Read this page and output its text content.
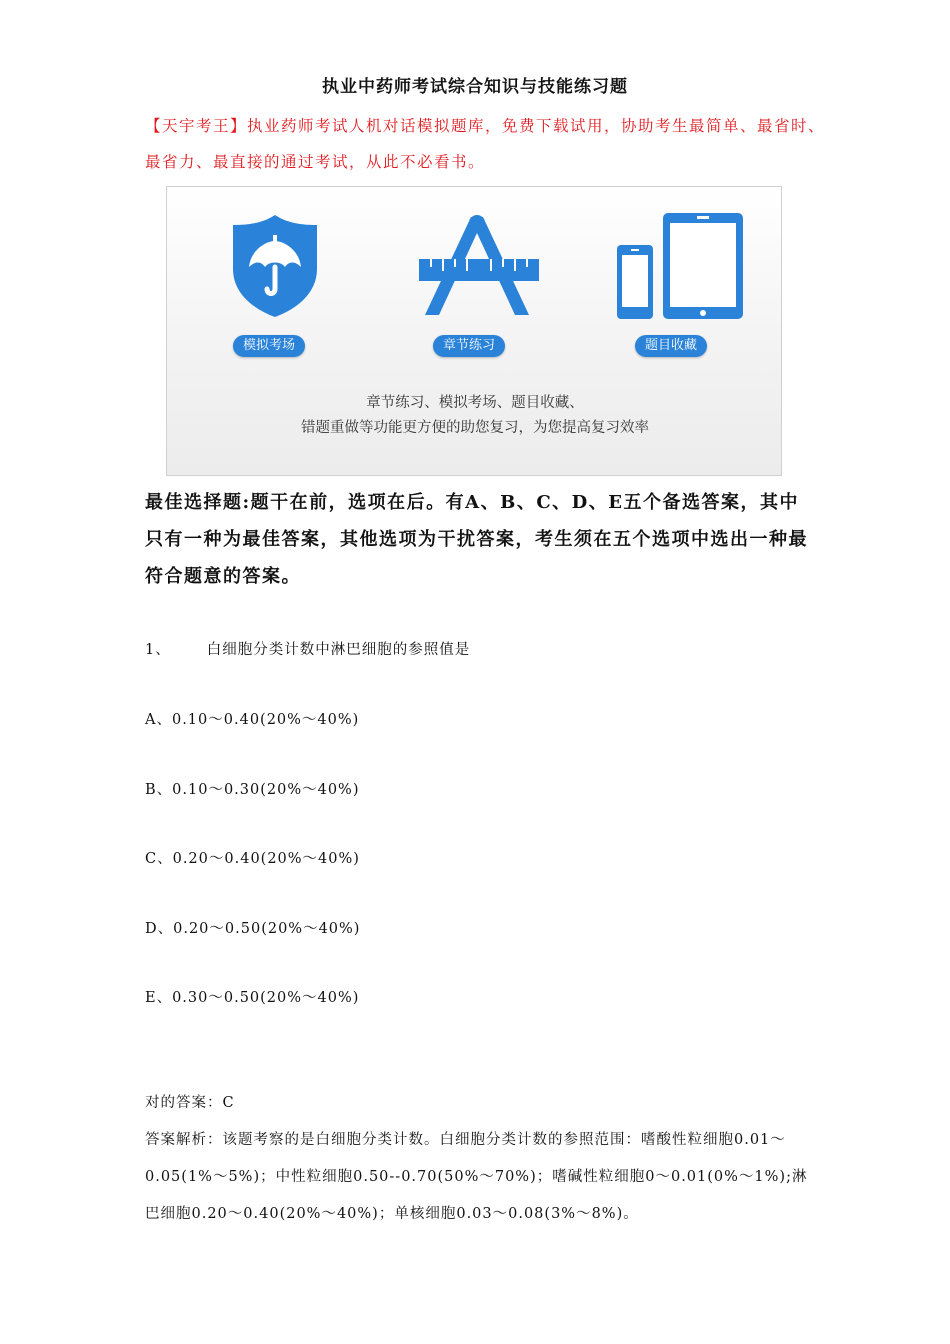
执业中药师考试综合知识与技能练习题
【天宇考王】执业药师考试人机对话模拟题库，免费下载试用，协助考生最简单、最省时、最省力、最直接的通过考试，从此不必看书。
模拟考场	章节练习	题目收藏
章节练习、模拟考场、题目收藏、
错题重做等功能更方便的助您复习，为您提高复习效率
最佳选择题:题干在前，选项在后。有A、B、C、D、E五个备选答案，其中只有一种为最佳答案，其他选项为干扰答案，考生须在五个选项中选出一种最符合题意的答案。
1、 白细胞分类计数中淋巴细胞的参照值是
A、0.10～0.40(20%～40%)
B、0.10～0.30(20%～40%)
C、0.20～0.40(20%～40%)
D、0.20～0.50(20%～40%)
E、0.30～0.50(20%～40%)
对的答案：C
答案解析：该题考察的是白细胞分类计数。白细胞分类计数的参照范围：嗜酸性粒细胞0.01～0.05(1%～5%)；中性粒细胞0.50--0.70(50%～70%)；嗜碱性粒细胞0～0.01(0%～1%);淋巴细胞0.20～0.40(20%～40%)；单核细胞0.03～0.08(3%～8%)。
